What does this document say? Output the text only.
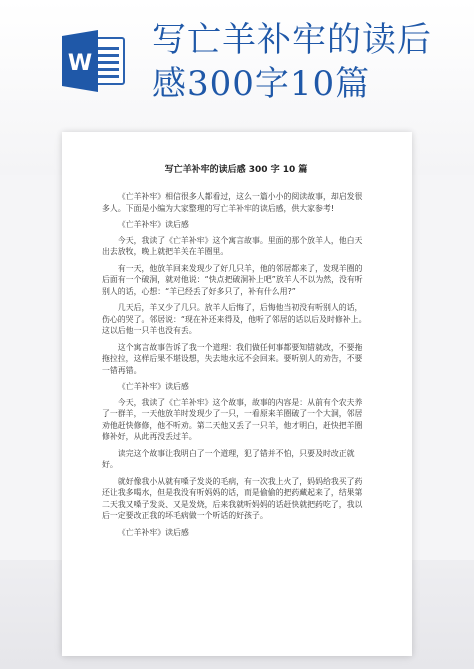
W
写亡羊补牢的读后感300字10篇
写亡羊补牢的读后感 300 字 10 篇

《亡羊补牢》相信很多人都看过，这么一篇小小的阅读故事，却启发很多人。下面是小编为大家整理的写亡羊补牢的读后感，供大家参考!

《亡羊补牢》读后感

今天，我读了《亡羊补牢》这个寓言故事。里面的那个放羊人，他白天出去放牧，晚上就把羊关在羊圈里。

有一天，他放羊回来发现少了好几只羊，他的邻居都来了，发现羊圈的后面有一个破洞，就对他说：“快点把破洞补上吧”放羊人不以为然，没有听别人的话，心想：“羊已经丢了好多只了，补有什么用?”

几天后，羊又少了几只。放羊人后悔了，后悔他当初没有听别人的话，伤心的哭了。邻居说：“现在补还来得及，他听了邻居的话以后及时修补上。这以后他一只羊也没有丢。

这个寓言故事告诉了我一个道理：我们做任何事都要知错就改，不要拖拖拉拉，这样后果不堪设想，失去地永远不会回来。要听别人的劝告，不要一错再错。

《亡羊补牢》读后感

今天，我读了《亡羊补牢》这个故事，故事的内容是：从前有个农夫养了一群羊，一天他放羊时发现少了一只，一看原来羊圈破了一个大洞，邻居劝他赶快修修，他不听劝。第二天他又丢了一只羊，他才明白，赶快把羊圈修补好，从此再没丢过羊。

读完这个故事让我明白了一个道理，犯了错并不怕，只要及时改正就好。

就好像我小从就有嗓子发炎的毛病，有一次我上火了，妈妈给我买了药还让我多喝水，但是我没有听妈妈的话，而是偷偷的把药藏起来了，结果第二天我又嗓子发炎、又是发烧，后来我就听妈妈的话赶快就把药吃了，我以后一定要改正我的坏毛病做一个听话的好孩子。

《亡羊补牢》读后感
